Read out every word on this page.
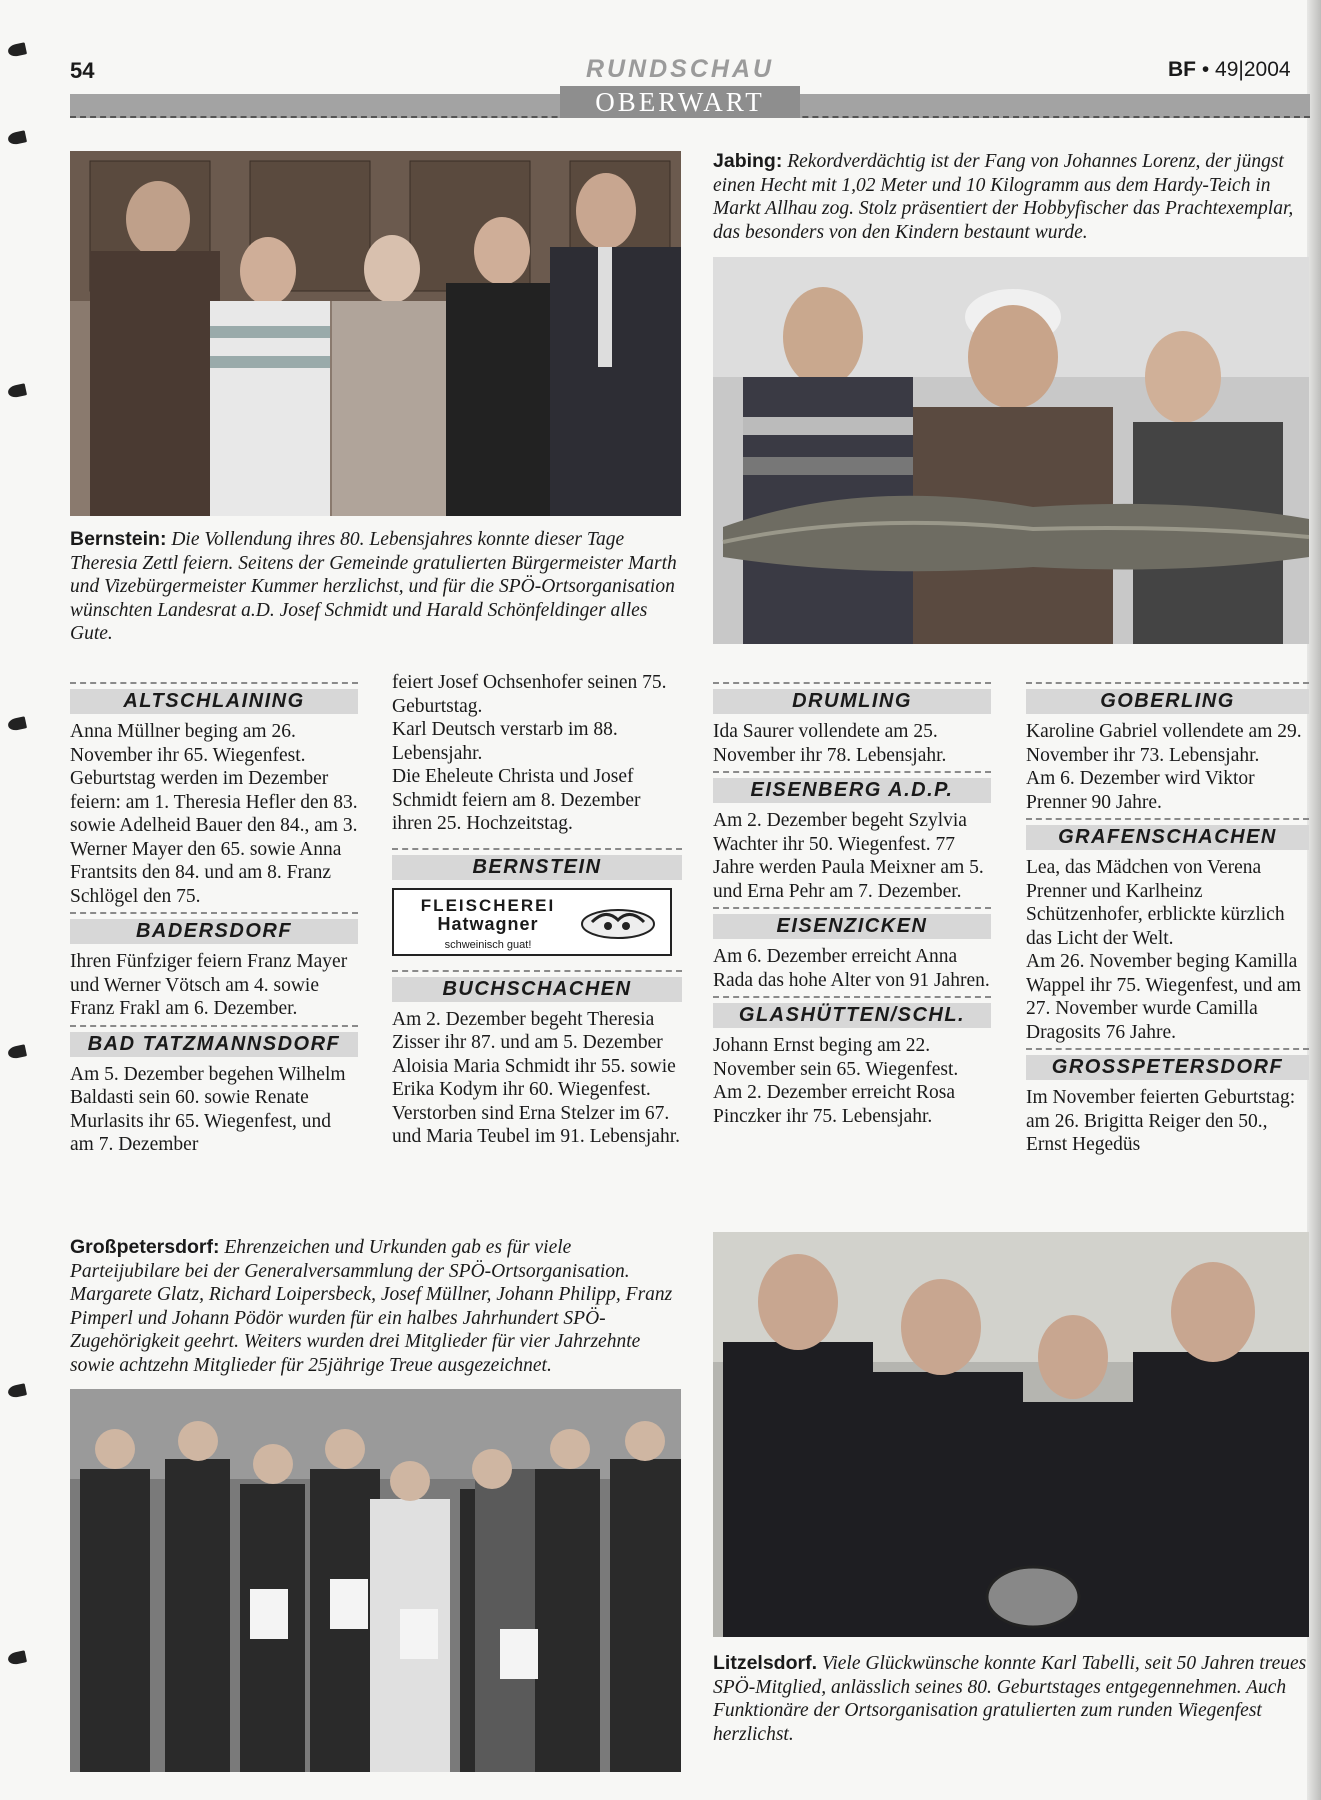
54	RUNDSCHAU	BF • 49|2004
OBERWART
Bernstein: Die Vollendung ihres 80. Lebensjahres konnte dieser Tage Theresia Zettl feiern. Seitens der Gemeinde gratulierten Bürgermeister Marth und Vizebürgermeister Kummer herzlichst, und für die SPÖ-Ortsorganisation wünschten Landesrat a.D. Josef Schmidt und Harald Schönfeldinger alles Gute.
Jabing: Rekordverdächtig ist der Fang von Johannes Lorenz, der jüngst einen Hecht mit 1,02 Meter und 10 Kilogramm aus dem Hardy-Teich in Markt Allhau zog. Stolz präsentiert der Hobbyfischer das Prachtexemplar, das besonders von den Kindern bestaunt wurde.
ALTSCHLAINING

Anna Müllner beging am 26. November ihr 65. Wiegenfest. Geburtstag werden im Dezember feiern: am 1. Theresia Hefler den 83. sowie Adelheid Bauer den 84., am 3. Werner Mayer den 65. sowie Anna Frantsits den 84. und am 8. Franz Schlögel den 75.

BADERSDORF

Ihren Fünfziger feiern Franz Mayer und Werner Vötsch am 4. sowie Franz Frakl am 6. Dezember.

BAD TATZMANNSDORF

Am 5. Dezember begehen Wilhelm Baldasti sein 60. sowie Renate Murlasits ihr 65. Wiegenfest, und am 7. Dezember

feiert Josef Ochsenhofer seinen 75. Geburtstag.

Karl Deutsch verstarb im 88. Lebensjahr.

Die Eheleute Christa und Josef Schmidt feiern am 8. Dezember ihren 25. Hochzeitstag.

BERNSTEIN
FLEISCHEREI
Hatwagner
schweinisch guat!
BUCHSCHACHEN

Am 2. Dezember begeht Theresia Zisser ihr 87. und am 5. Dezember Aloisia Maria Schmidt ihr 55. sowie Erika Kodym ihr 60. Wiegenfest. Verstorben sind Erna Stelzer im 67. und Maria Teubel im 91. Lebensjahr.

DRUMLING

Ida Saurer vollendete am 25. November ihr 78. Lebensjahr.

EISENBERG A.D.P.

Am 2. Dezember begeht Szylvia Wachter ihr 50. Wiegenfest. 77 Jahre werden Paula Meixner am 5. und Erna Pehr am 7. Dezember.

EISENZICKEN

Am 6. Dezember erreicht Anna Rada das hohe Alter von 91 Jahren.

GLASHÜTTEN/SCHL.

Johann Ernst beging am 22. November sein 65. Wiegenfest. Am 2. Dezember erreicht Rosa Pinczker ihr 75. Lebensjahr.

GOBERLING

Karoline Gabriel vollendete am 29. November ihr 73. Lebensjahr.

Am 6. Dezember wird Viktor Prenner 90 Jahre.

GRAFENSCHACHEN

Lea, das Mädchen von Verena Prenner und Karlheinz Schützenhofer, erblickte kürzlich das Licht der Welt.

Am 26. November beging Kamilla Wappel ihr 75. Wiegenfest, und am 27. November wurde Camilla Dragosits 76 Jahre.

GROSSPETERSDORF

Im November feierten Geburtstag: am 26. Brigitta Reiger den 50., Ernst Hegedüs

Großpetersdorf: Ehrenzeichen und Urkunden gab es für viele Parteijubilare bei der Generalversammlung der SPÖ-Ortsorganisation. Margarete Glatz, Richard Loipersbeck, Josef Müllner, Johann Philipp, Franz Pimperl und Johann Pödör wurden für ein halbes Jahrhundert SPÖ-Zugehörigkeit geehrt. Weiters wurden drei Mitglieder für vier Jahrzehnte sowie achtzehn Mitglieder für 25jährige Treue ausgezeichnet.
Litzelsdorf. Viele Glückwünsche konnte Karl Tabelli, seit 50 Jahren treues SPÖ-Mitglied, anlässlich seines 80. Geburtstages entgegennehmen. Auch Funktionäre der Ortsorganisation gratulierten zum runden Wiegenfest herzlichst.
